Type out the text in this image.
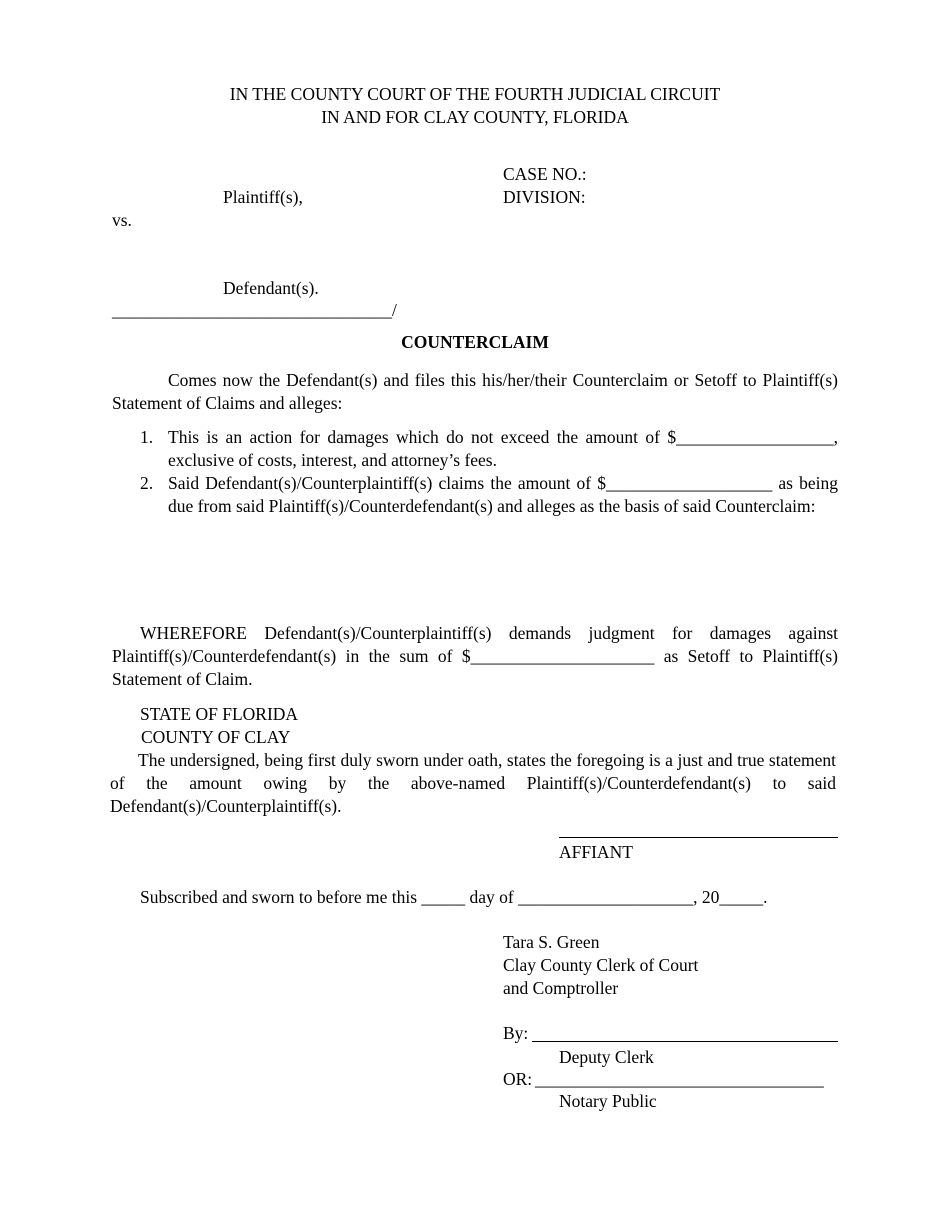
IN THE COUNTY COURT OF THE FOURTH JUDICIAL CIRCUIT
IN AND FOR CLAY COUNTY, FLORIDA
CASE NO.:
DIVISION:
Plaintiff(s),
vs.
Defendant(s).
________________________________/
COUNTERCLAIM
Comes now the Defendant(s) and files this his/her/their Counterclaim or Setoff to Plaintiff(s) Statement of Claims and alleges:
1. This is an action for damages which do not exceed the amount of $__________________, exclusive of costs, interest, and attorney’s fees.
2. Said Defendant(s)/Counterplaintiff(s) claims the amount of $___________________ as being due from said Plaintiff(s)/Counterdefendant(s) and alleges as the basis of said Counterclaim:
WHEREFORE Defendant(s)/Counterplaintiff(s) demands judgment for damages against Plaintiff(s)/Counterdefendant(s) in the sum of $_____________________ as Setoff to Plaintiff(s) Statement of Claim.
STATE OF FLORIDA
COUNTY OF CLAY
The undersigned, being first duly sworn under oath, states the foregoing is a just and true statement of the amount owing by the above-named Plaintiff(s)/Counterdefendant(s) to said Defendant(s)/Counterplaintiff(s).
AFFIANT
Subscribed and sworn to before me this _____ day of ____________________, 20_____.
Tara S. Green
Clay County Clerk of Court
and Comptroller
By:
Deputy Clerk
OR: _________________________________
Notary Public
